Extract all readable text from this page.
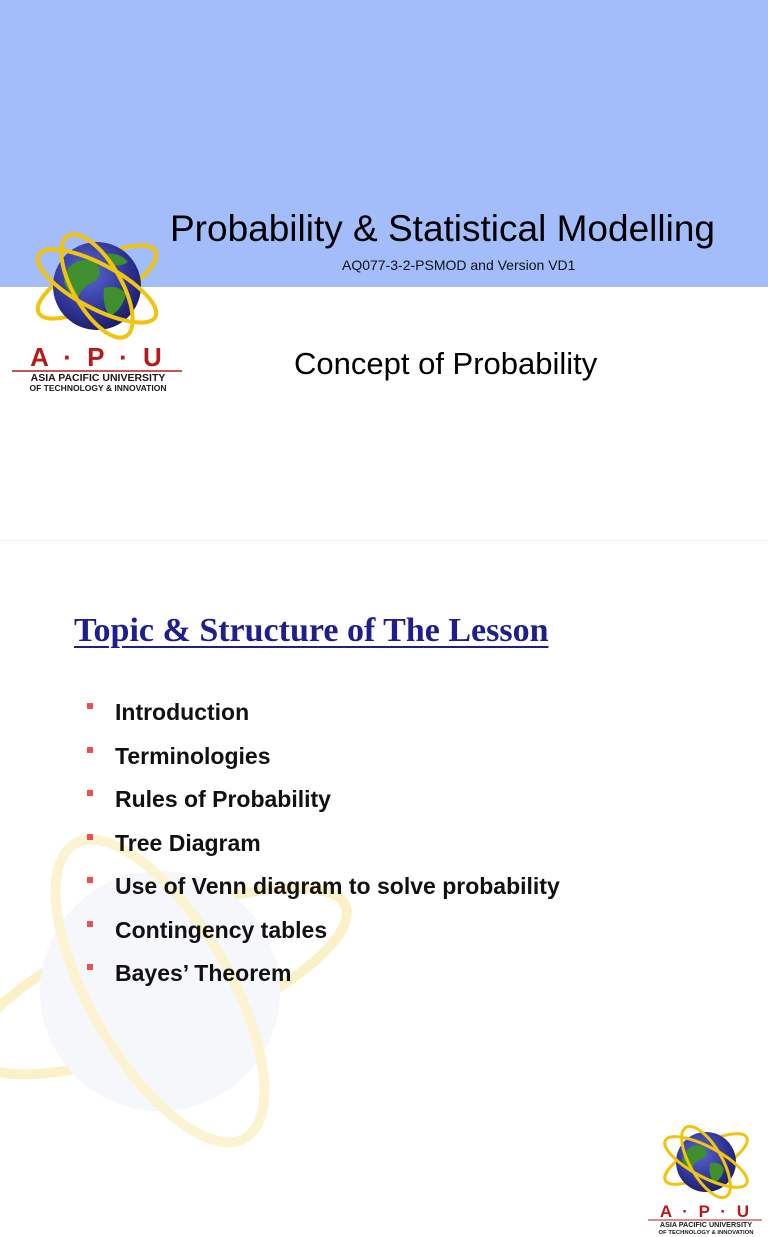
Probability & Statistical Modelling
AQ077-3-2-PSMOD and Version VD1
Concept of Probability
A · P · U
ASIA PACIFIC UNIVERSITY
OF TECHNOLOGY & INNOVATION
Topic & Structure of The Lesson
A · P · U
ASIA PACIFIC UNIVERSITY
OF TECHNOLOGY & INNOVATION
Introduction
Terminologies
Rules of Probability
Tree Diagram
Use of Venn diagram to solve probability
Contingency tables
Bayes’ Theorem
